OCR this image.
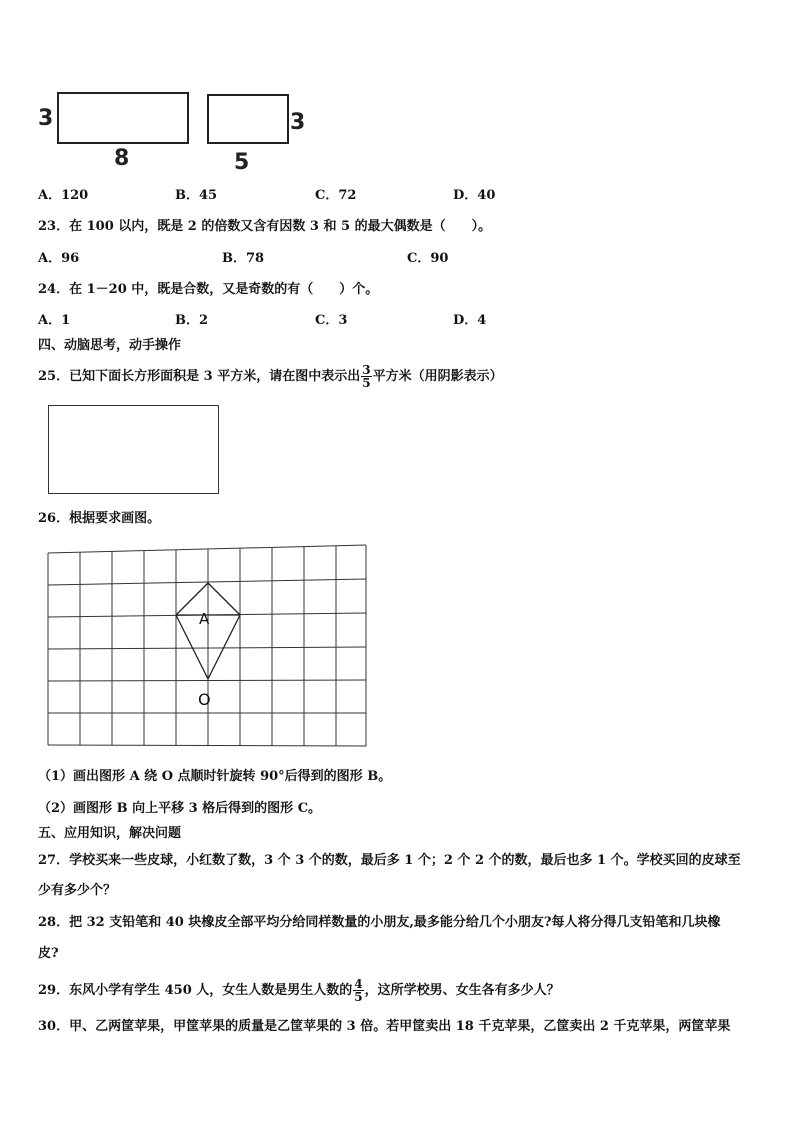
3
8
3
5
A．120	B．45	C．72	D．40
23．在 100 以内，既是 2 的倍数又含有因数 3 和 5 的最大偶数是（　　）。
A．96	B．78	C．90
24．在 1－20 中，既是合数，又是奇数的有（　　）个。
A．1	B．2	C．3	D．4
四、动脑思考，动手操作
25．已知下面长方形面积是 3 平方米，请在图中表示出 $\frac{3}{5}$ 平方米（用阴影表示）
26．根据要求画图。
A
O
（1）画出图形 A 绕 O 点顺时针旋转 90°后得到的图形 B。
（2）画图形 B 向上平移 3 格后得到的图形 C。
五、应用知识，解决问题
27．学校买来一些皮球，小红数了数，3 个 3 个的数，最后多 1 个；2 个 2 个的数，最后也多 1 个。学校买回的皮球至
少有多少个？
28．把 32 支铅笔和 40 块橡皮全部平均分给同样数量的小朋友,最多能分给几个小朋友?每人将分得几支铅笔和几块橡
皮?
29．东风小学有学生 450 人，女生人数是男生人数的 $\frac{4}{5}$ ，这所学校男、女生各有多少人？
30．甲、乙两筐苹果，甲筐苹果的质量是乙筐苹果的 3 倍。若甲筐卖出 18 千克苹果，乙筐卖出 2 千克苹果，两筐苹果
